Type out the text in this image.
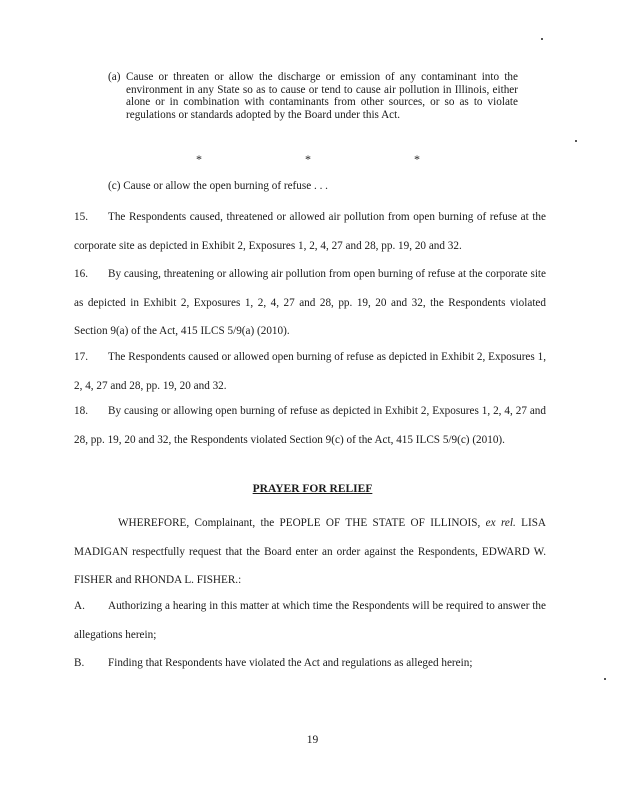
(a) Cause or threaten or allow the discharge or emission of any contaminant into the environment in any State so as to cause or tend to cause air pollution in Illinois, either alone or in combination with contaminants from other sources, or so as to violate regulations or standards adopted by the Board under this Act.
*	*	*
(c) Cause or allow the open burning of refuse . . .
15. The Respondents caused, threatened or allowed air pollution from open burning of refuse at the corporate site as depicted in Exhibit 2, Exposures 1, 2, 4, 27 and 28, pp. 19, 20 and 32.
16. By causing, threatening or allowing air pollution from open burning of refuse at the corporate site as depicted in Exhibit 2, Exposures 1, 2, 4, 27 and 28, pp. 19, 20 and 32, the Respondents violated Section 9(a) of the Act, 415 ILCS 5/9(a) (2010).
17. The Respondents caused or allowed open burning of refuse as depicted in Exhibit 2, Exposures 1, 2, 4, 27 and 28, pp. 19, 20 and 32.
18. By causing or allowing open burning of refuse as depicted in Exhibit 2, Exposures 1, 2, 4, 27 and 28, pp. 19, 20 and 32, the Respondents violated Section 9(c) of the Act, 415 ILCS 5/9(c) (2010).
PRAYER FOR RELIEF
WHEREFORE, Complainant, the PEOPLE OF THE STATE OF ILLINOIS, ex rel. LISA MADIGAN respectfully request that the Board enter an order against the Respondents, EDWARD W. FISHER and RHONDA L. FISHER.:
A. Authorizing a hearing in this matter at which time the Respondents will be required to answer the allegations herein;
B. Finding that Respondents have violated the Act and regulations as alleged herein;
19
